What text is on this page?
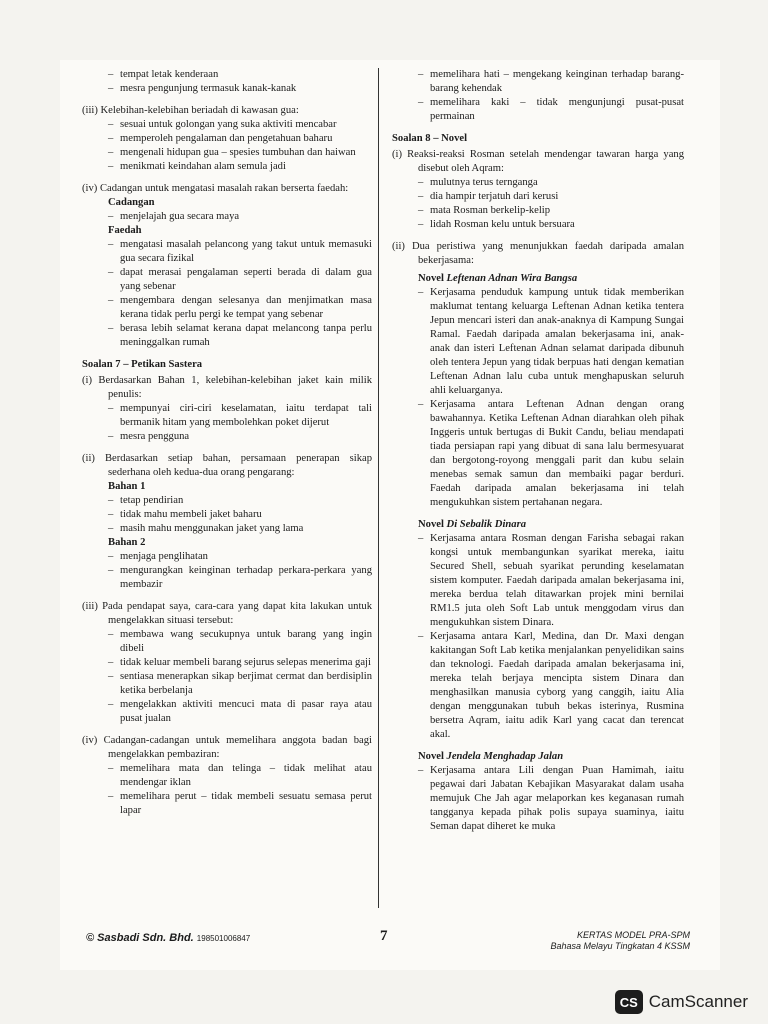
– tempat letak kenderaan
– mesra pengunjung termasuk kanak-kanak

(iii) Kelebihan-kelebihan beriadah di kawasan gua:

– sesuai untuk golongan yang suka aktiviti mencabar
– memperoleh pengalaman dan pengetahuan baharu
– mengenali hidupan gua – spesies tumbuhan dan haiwan
– menikmati keindahan alam semula jadi

(iv) Cadangan untuk mengatasi masalah rakan berserta faedah:

Cadangan

– menjelajah gua secara maya

Faedah

– mengatasi masalah pelancong yang takut untuk memasuki gua secara fizikal
– dapat merasai pengalaman seperti berada di dalam gua yang sebenar
– mengembara dengan selesanya dan menjimatkan masa kerana tidak perlu pergi ke tempat yang sebenar
– berasa lebih selamat kerana dapat melancong tanpa perlu meninggalkan rumah

Soalan 7 – Petikan Sastera

(i) Berdasarkan Bahan 1, kelebihan-kelebihan jaket kain milik penulis:

– mempunyai ciri-ciri keselamatan, iaitu terdapat tali bermanik hitam yang membolehkan poket dijerut
– mesra pengguna

(ii) Berdasarkan setiap bahan, persamaan penerapan sikap sederhana oleh kedua-dua orang pengarang:

Bahan 1

– tetap pendirian
– tidak mahu membeli jaket baharu
– masih mahu menggunakan jaket yang lama

Bahan 2

– menjaga penglihatan
– mengurangkan keinginan terhadap perkara-perkara yang membazir

(iii) Pada pendapat saya, cara-cara yang dapat kita lakukan untuk mengelakkan situasi tersebut:

– membawa wang secukupnya untuk barang yang ingin dibeli
– tidak keluar membeli barang sejurus selepas menerima gaji
– sentiasa menerapkan sikap berjimat cermat dan berdisiplin ketika berbelanja
– mengelakkan aktiviti mencuci mata di pasar raya atau pusat jualan

(iv) Cadangan-cadangan untuk memelihara anggota badan bagi mengelakkan pembaziran:

– memelihara mata dan telinga – tidak melihat atau mendengar iklan
– memelihara perut – tidak membeli sesuatu semasa perut lapar
– memelihara hati – mengekang keinginan terhadap barang-barang kehendak
– memelihara kaki – tidak mengunjungi pusat-pusat permainan

Soalan 8 – Novel

(i) Reaksi-reaksi Rosman setelah mendengar tawaran harga yang disebut oleh Aqram:

– mulutnya terus ternganga
– dia hampir terjatuh dari kerusi
– mata Rosman berkelip-kelip
– lidah Rosman kelu untuk bersuara

(ii) Dua peristiwa yang menunjukkan faedah daripada amalan bekerjasama:

Novel Leftenan Adnan Wira Bangsa

– Kerjasama penduduk kampung untuk tidak memberikan maklumat tentang keluarga Leftenan Adnan ketika tentera Jepun mencari isteri dan anak-anaknya di Kampung Sungai Ramal. Faedah daripada amalan bekerjasama ini, anak-anak dan isteri Leftenan Adnan selamat daripada dibunuh oleh tentera Jepun yang tidak berpuas hati dengan kematian Leftenan Adnan lalu cuba untuk menghapuskan seluruh ahli keluarganya.
– Kerjasama antara Leftenan Adnan dengan orang bawahannya. Ketika Leftenan Adnan diarahkan oleh pihak Inggeris untuk bertugas di Bukit Candu, beliau mendapati tiada persiapan rapi yang dibuat di sana lalu bermesyuarat dan bergotong-royong menggali parit dan kubu selain menebas semak samun dan membaiki pagar berduri. Faedah daripada amalan bekerjasama ini telah mengukuhkan sistem pertahanan negara.

Novel Di Sebalik Dinara

– Kerjasama antara Rosman dengan Farisha sebagai rakan kongsi untuk membangunkan syarikat mereka, iaitu Secured Shell, sebuah syarikat perunding keselamatan sistem komputer. Faedah daripada amalan bekerjasama ini, mereka berdua telah ditawarkan projek mini bernilai RM1.5 juta oleh Soft Lab untuk menggodam virus dan mengukuhkan sistem Dinara.
– Kerjasama antara Karl, Medina, dan Dr. Maxi dengan kakitangan Soft Lab ketika menjalankan penyelidikan sains dan teknologi. Faedah daripada amalan bekerjasama ini, mereka telah berjaya mencipta sistem Dinara dan menghasilkan manusia cyborg yang canggih, iaitu Alia dengan menggunakan tubuh bekas isterinya, Rusmina bersetra Aqram, iaitu adik Karl yang cacat dan terencat akal.

Novel Jendela Menghadap Jalan

– Kerjasama antara Lili dengan Puan Hamimah, iaitu pegawai dari Jabatan Kebajikan Masyarakat dalam usaha memujuk Che Jah agar melaporkan kes keganasan rumah tangganya kepada pihak polis supaya suaminya, iaitu Seman dapat diheret ke muka
© Sasbadi Sdn. Bhd. 198501006847	7	KERTAS MODEL PRA-SPM
Bahasa Melayu Tingkatan 4 KSSM
CS CamScanner
